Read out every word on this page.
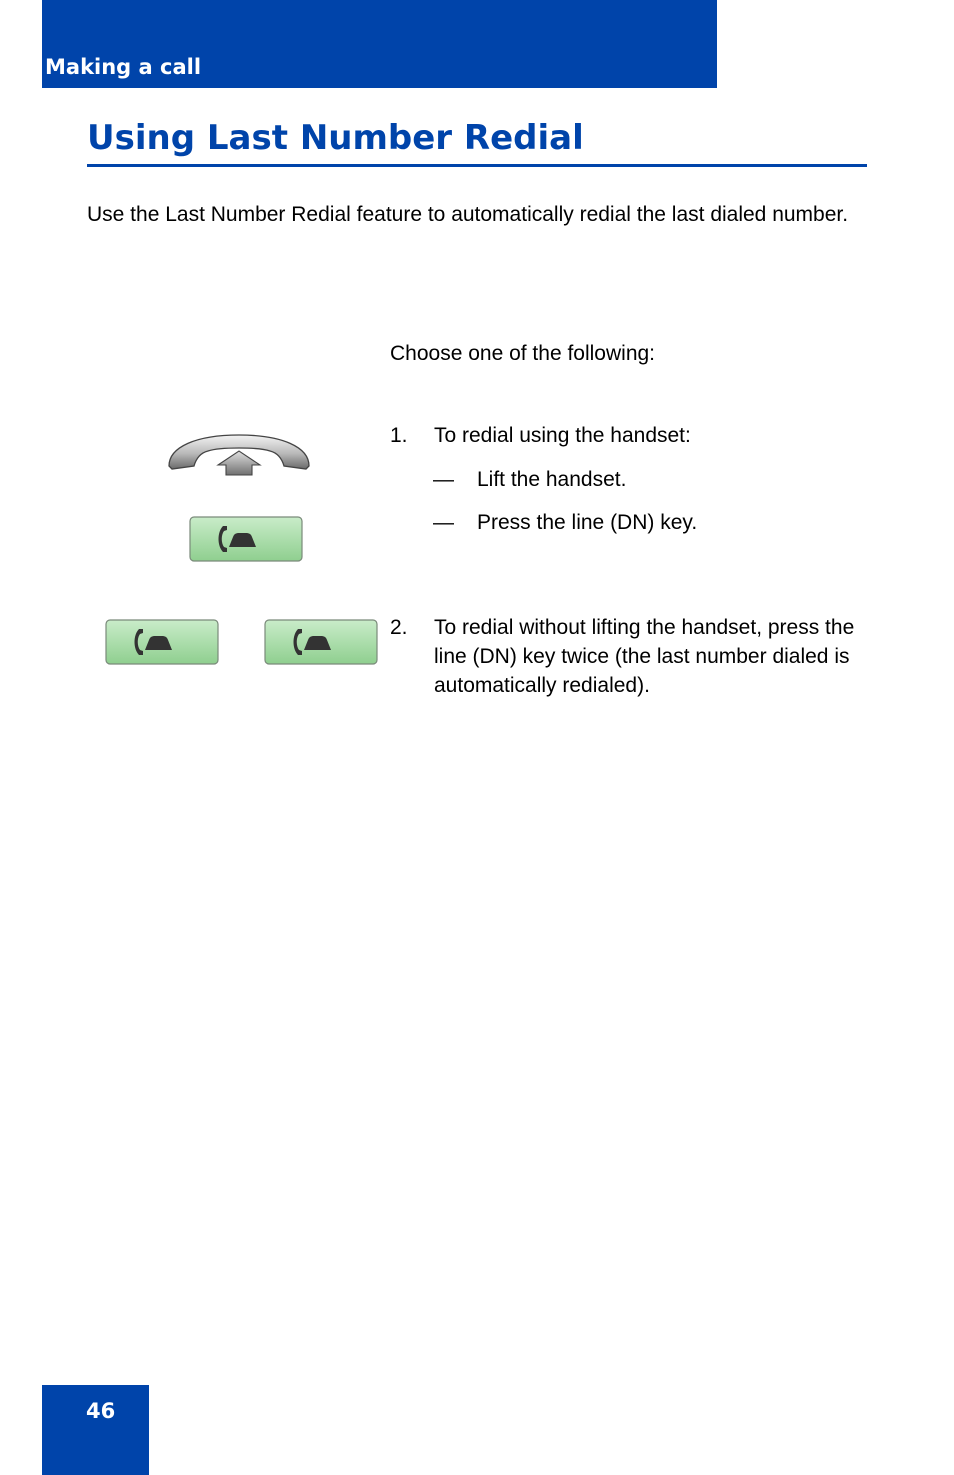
Making a call
Using Last Number Redial

Use the Last Number Redial feature to automatically redial the last dialed number.

Choose one of the following:

1. To redial using the handset:
— Lift the handset.
— Press the line (DN) key.
2. To redial without lifting the handset, press the line (DN) key twice (the last number dialed is automatically redialed).
46
